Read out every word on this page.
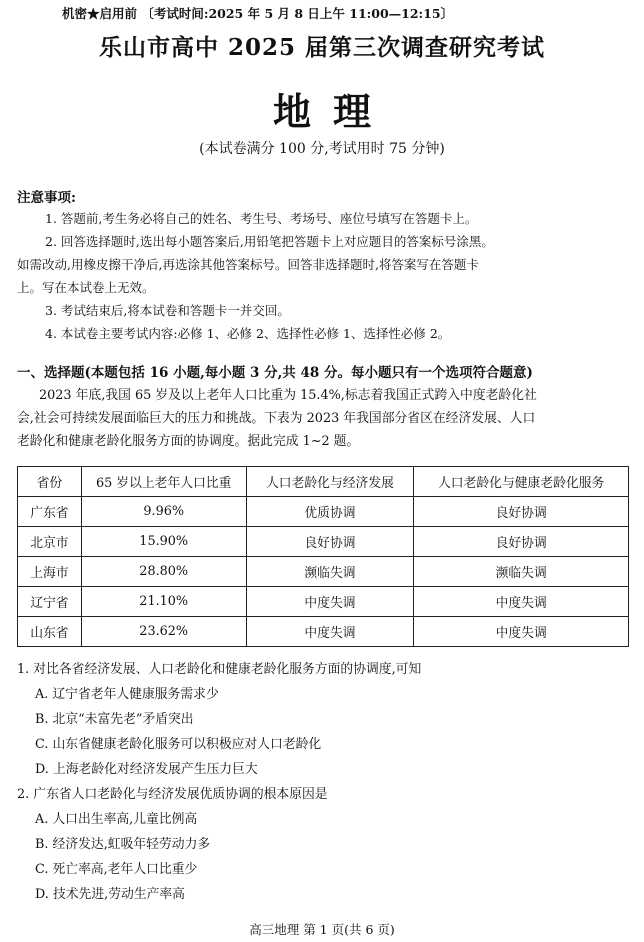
机密★启用前 〔考试时间:2025 年 5 月 8 日上午 11:00—12:15〕
乐山市高中 2025 届第三次调查研究考试
地理
(本试卷满分 100 分,考试用时 75 分钟)
注意事项:

1. 答题前,考生务必将自己的姓名、考生号、考场号、座位号填写在答题卡上。

2. 回答选择题时,选出每小题答案后,用铅笔把答题卡上对应题目的答案标号涂黑。

如需改动,用橡皮擦干净后,再选涂其他答案标号。回答非选择题时,将答案写在答题卡

上。写在本试卷上无效。

3. 考试结束后,将本试卷和答题卡一并交回。

4. 本试卷主要考试内容:必修 1、必修 2、选择性必修 1、选择性必修 2。

一、选择题(本题包括 16 小题,每小题 3 分,共 48 分。每小题只有一个选项符合题意)

2023 年底,我国 65 岁及以上老年人口比重为 15.4%,标志着我国正式跨入中度老龄化社

会,社会可持续发展面临巨大的压力和挑战。下表为 2023 年我国部分省区在经济发展、人口

老龄化和健康老龄化服务方面的协调度。据此完成 1~2 题。

省份	65 岁以上老年人口比重	人口老龄化与经济发展	人口老龄化与健康老龄化服务
广东省	9.96%	优质协调	良好协调
北京市	15.90%	良好协调	良好协调
上海市	28.80%	濒临失调	濒临失调
辽宁省	21.10%	中度失调	中度失调
山东省	23.62%	中度失调	中度失调

1. 对比各省经济发展、人口老龄化和健康老龄化服务方面的协调度,可知

A. 辽宁省老年人健康服务需求少

B. 北京“未富先老”矛盾突出

C. 山东省健康老龄化服务可以积极应对人口老龄化

D. 上海老龄化对经济发展产生压力巨大

2. 广东省人口老龄化与经济发展优质协调的根本原因是

A. 人口出生率高,儿童比例高

B. 经济发达,虹吸年轻劳动力多

C. 死亡率高,老年人口比重少

D. 技术先进,劳动生产率高

高三地理 第 1 页(共 6 页)
